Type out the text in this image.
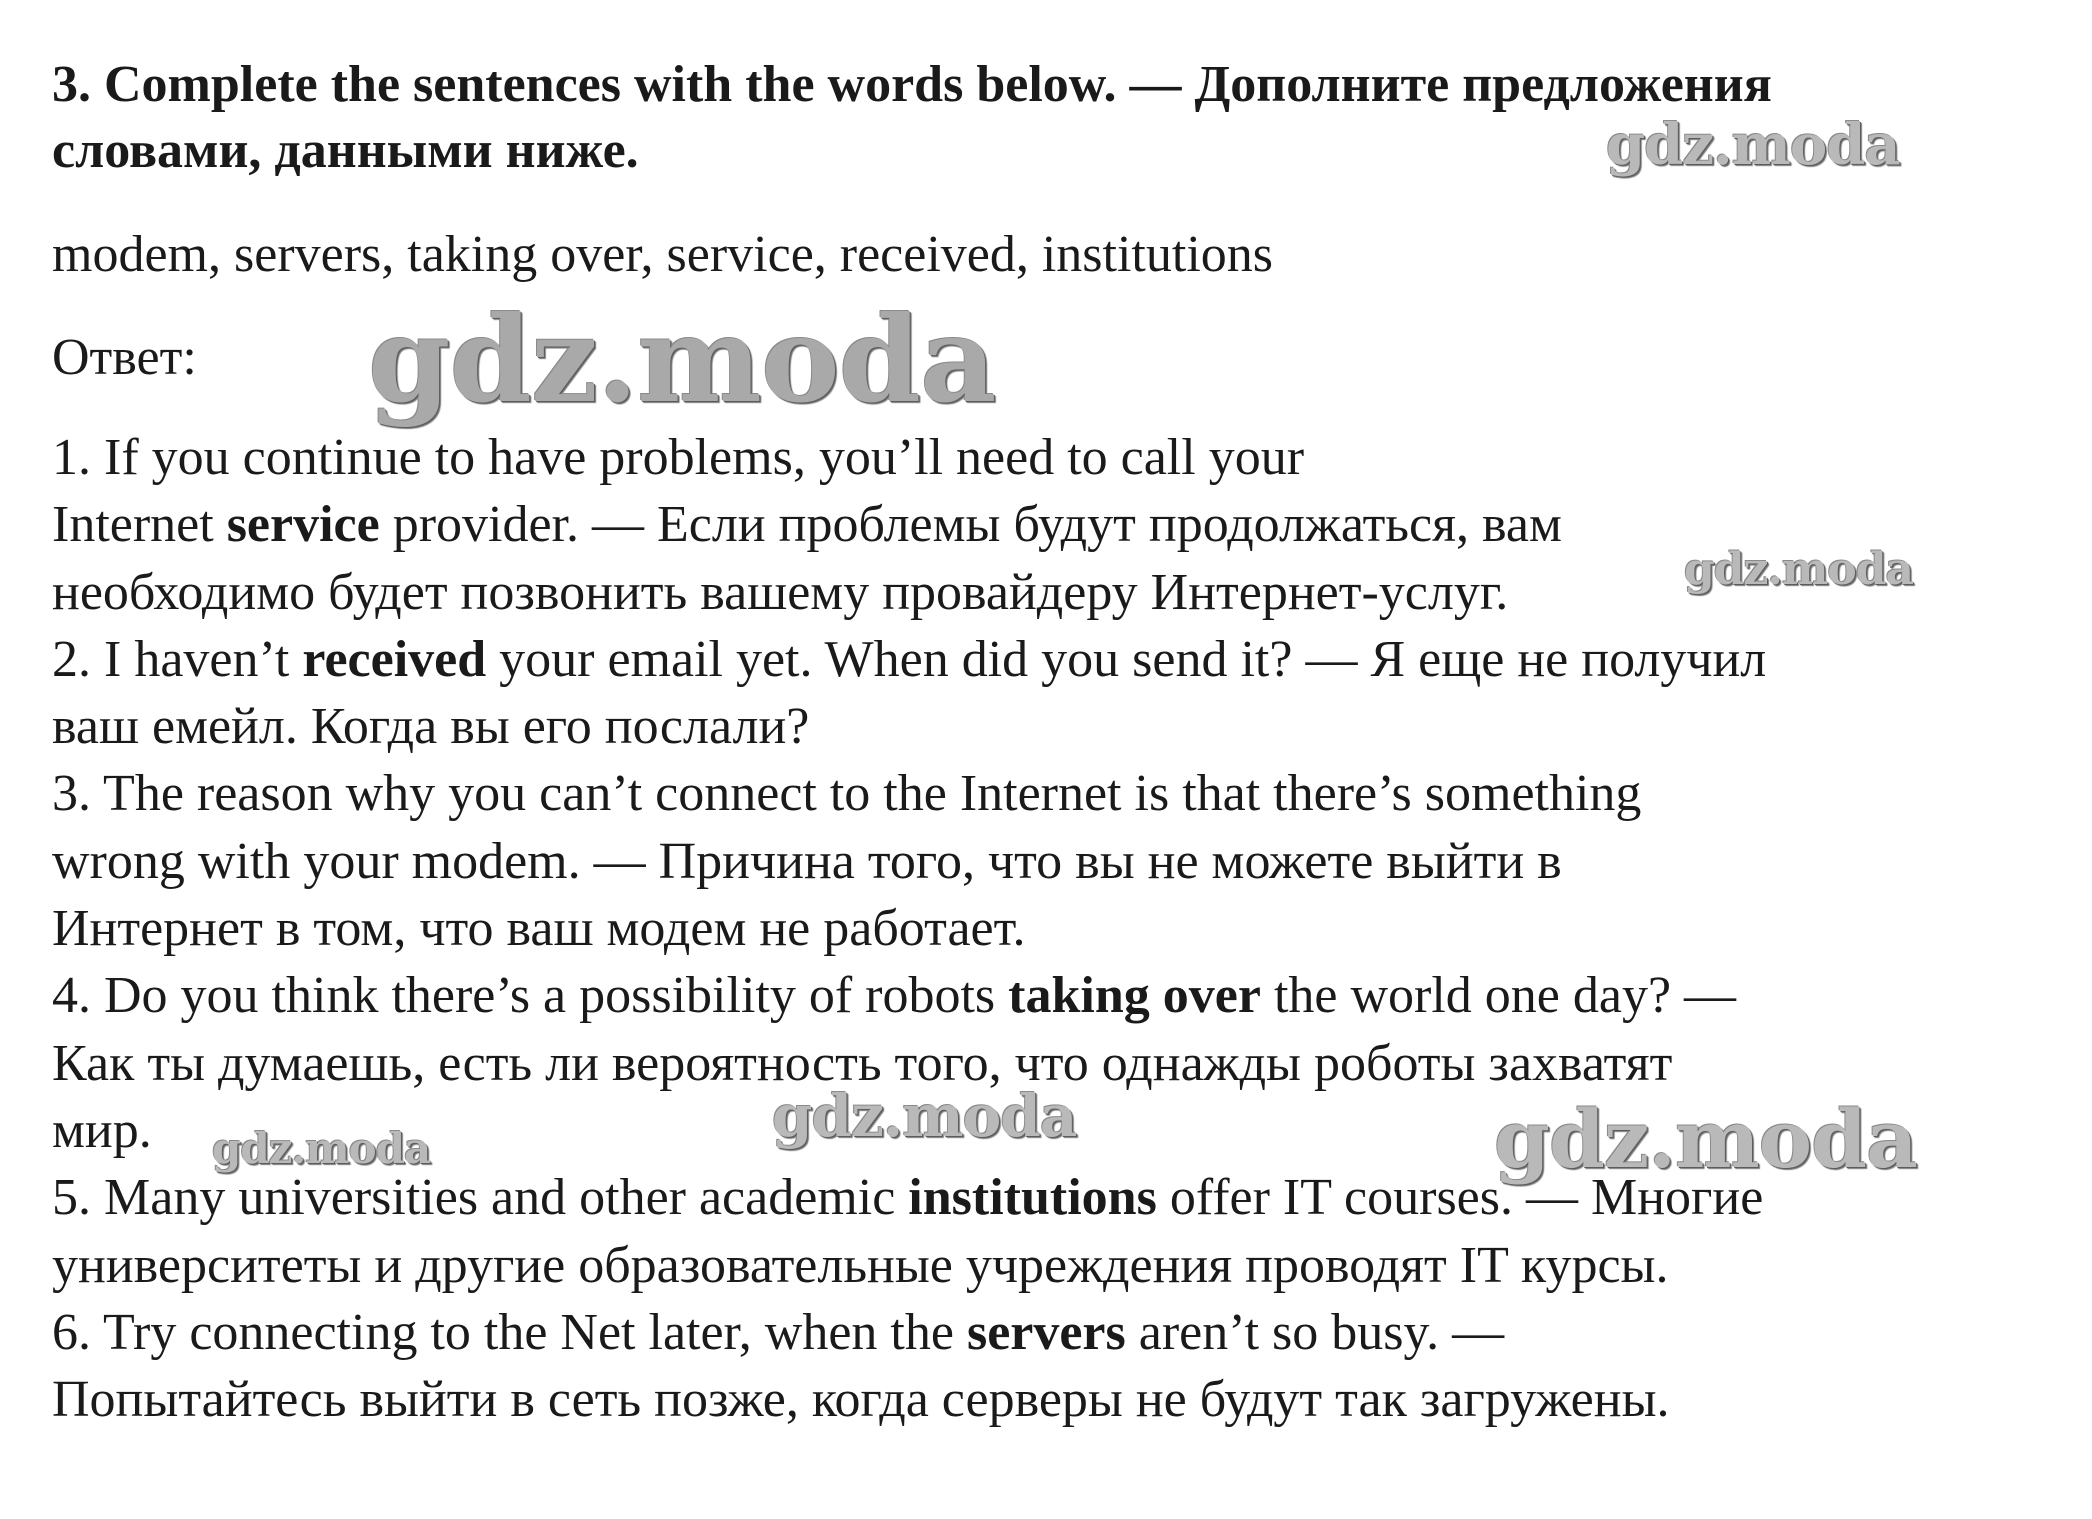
3. Complete the sentences with the words below. — Дополните предложения
словами, данными ниже.

modem, servers, taking over, service, received, institutions

Ответ:

1. If you continue to have problems, you’ll need to call your
Internet service provider. — Если проблемы будут продолжаться, вам
необходимо будет позвонить вашему провайдеру Интернет-услуг.
2. I haven’t received your email yet. When did you send it? — Я еще не получил
ваш емейл. Когда вы его послали?
3. The reason why you can’t connect to the Internet is that there’s something
wrong with your modem. — Причина того, что вы не можете выйти в
Интернет в том, что ваш модем не работает.
4. Do you think there’s a possibility of robots taking over the world one day? —
Как ты думаешь, есть ли вероятность того, что однажды роботы захватят
мир.
5. Many universities and other academic institutions offer IT courses. — Многие
университеты и другие образовательные учреждения проводят IT курсы.
6. Try connecting to the Net later, when the servers aren’t so busy. —
Попытайтесь выйти в сеть позже, когда серверы не будут так загружены.
gdz.moda
gdz.moda
gdz.moda
gdz.moda
gdz.moda	gdz.moda
